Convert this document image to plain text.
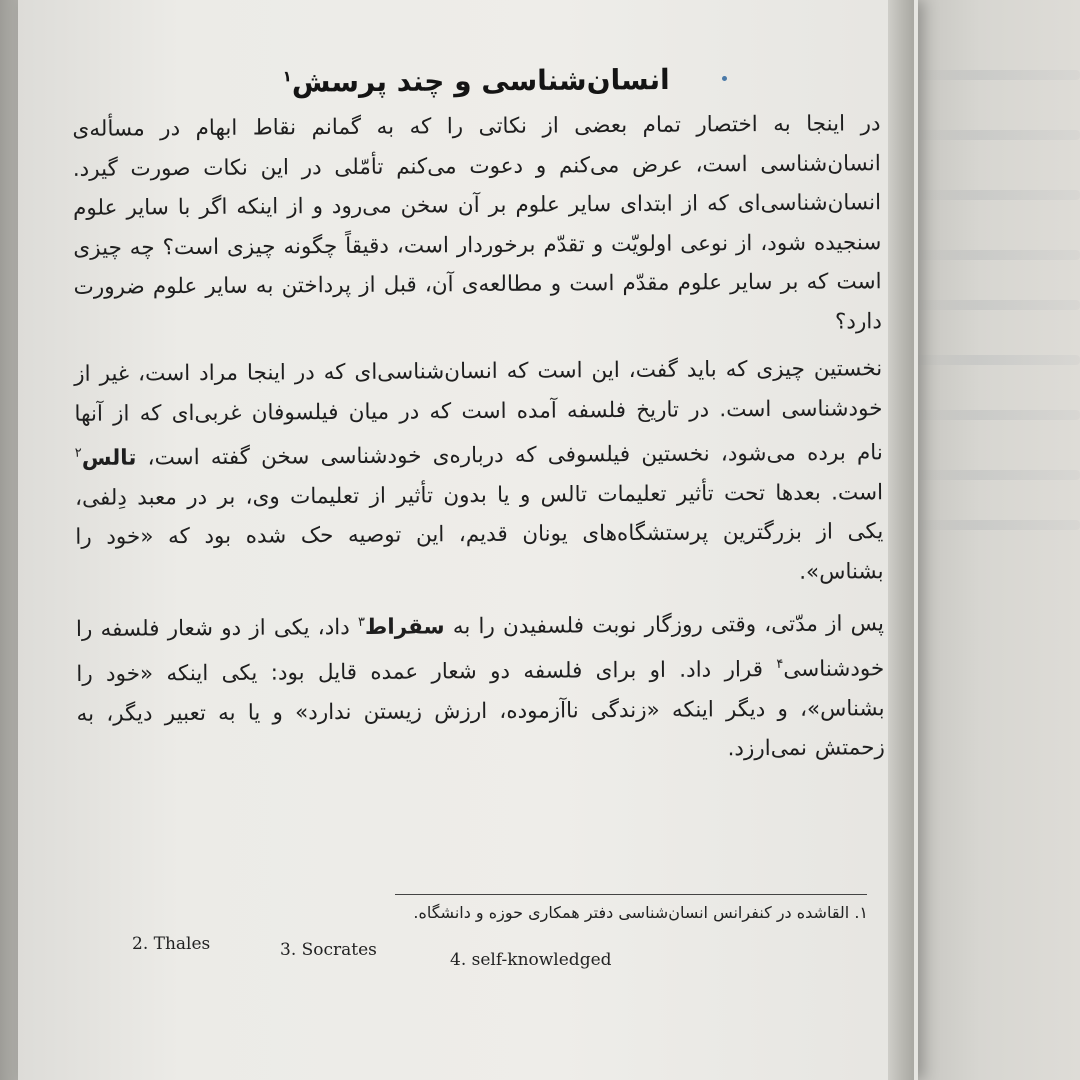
انسان‌شناسی و چند پرسش$^۱$

در اینجا به اختصار تمام بعضی از نکاتی را که به گمانم نقاط ابهام در مسأله‌ی انسان‌شناسی است، عرض می‌کنم و دعوت می‌کنم تأمّلی در این نکات صورت گیرد. انسان‌شناسی‌ای که از ابتدای سایر علوم بر آن سخن می‌رود و از اینکه اگر با سایر علوم سنجیده شود، از نوعی اولویّت و تقدّم برخوردار است، دقیقاً چگونه چیزی است؟ چه چیزی است که بر سایر علوم مقدّم است و مطالعه‌ی آن، قبل از پرداختن به سایر علوم ضرورت دارد؟

نخستین چیزی که باید گفت، این است که انسان‌شناسی‌ای که در اینجا مراد است، غیر از خودشناسی است. در تاریخ فلسفه آمده است که در میان فیلسوفان غربی‌ای که از آنها نام برده می‌شود، نخستین فیلسوفی که درباره‌ی خودشناسی سخن گفته است، تالس$^۲$ است. بعدها تحت تأثیر تعلیمات تالس و یا بدون تأثیر از تعلیمات وی، بر در معبد دِلفی، یکی از بزرگترین پرستشگاه‌های یونان قدیم، این توصیه حک شده بود که «خود را بشناس».

پس از مدّتی، وقتی روزگار نوبت فلسفیدن را به سقراط$^۳$ داد، یکی از دو شعار فلسفه را خودشناسی$^۴$ قرار داد. او برای فلسفه دو شعار عمده قایل بود: یکی اینکه «خود را بشناس»، و دیگر اینکه «زندگی ناآزموده، ارزش زیستن ندارد» و یا به تعبیر دیگر، به زحمتش نمی‌ارزد.

۱. القاشده در کنفرانس انسان‌شناسی دفتر همکاری حوزه و دانشگاه.
2. Thales	3. Socrates	4. self-knowledged
